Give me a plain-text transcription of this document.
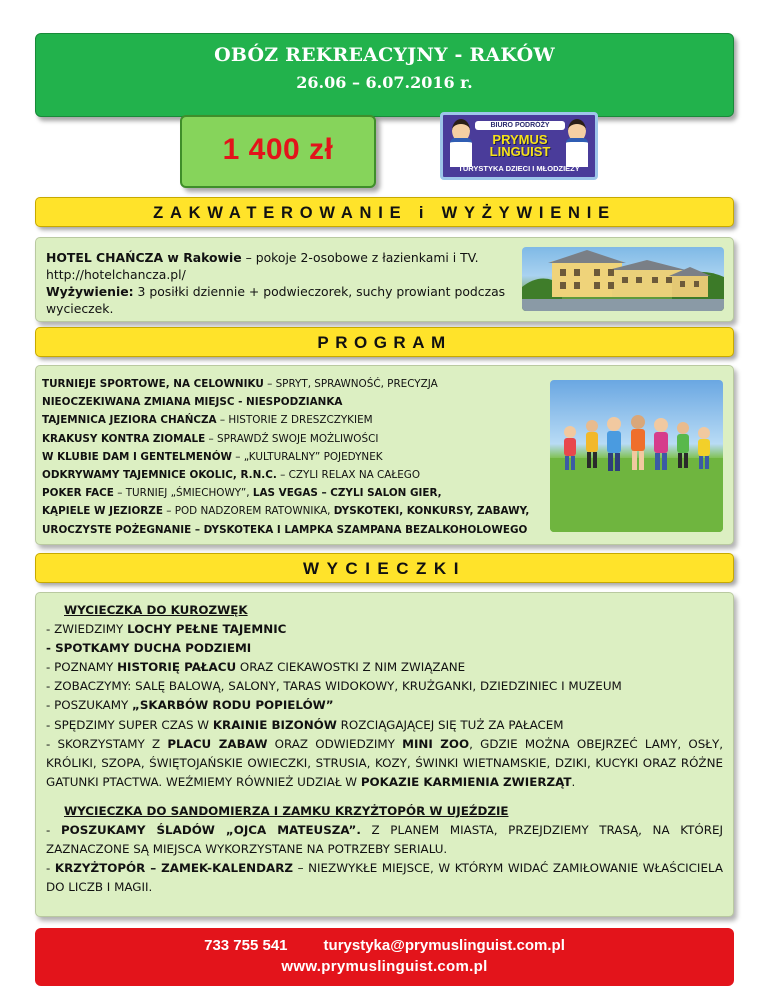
OBÓZ REKREACYJNY - RAKÓW
26.06 – 6.07.2016 r.
1 400 zł
BIURO PODRÓŻY
PRYMUS
LINGUIST
TURYSTYKA DZIECI I MŁODZIEŻY
ZAKWATEROWANIE i WYŻYWIENIE
HOTEL CHAŃCZA w Rakowie – pokoje 2-osobowe z łazienkami i TV.
http://hotelchancza.pl/
Wyżywienie: 3 posiłki dziennie + podwieczorek, suchy prowiant podczas wycieczek.
PROGRAM
TURNIEJE SPORTOWE, NA CELOWNIKU – SPRYT, SPRAWNOŚĆ, PRECYZJA
NIEOCZEKIWANA ZMIANA MIEJSC - NIESPODZIANKA
TAJEMNICA JEZIORA CHAŃCZA – HISTORIE Z DRESZCZYKIEM
KRAKUSY KONTRA ZIOMALE – SPRAWDŹ SWOJE MOŻLIWOŚCI
W KLUBIE DAM I GENTELMENÓW – „KULTURALNY” POJEDYNEK
ODKRYWAMY TAJEMNICE OKOLIC, R.N.C. – CZYLI RELAX NA CAŁEGO
POKER FACE – TURNIEJ „ŚMIECHOWY”, LAS VEGAS – CZYLI SALON GIER,
KĄPIELE W JEZIORZE – POD NADZOREM RATOWNIKA, DYSKOTEKI, KONKURSY, ZABAWY,
UROCZYSTE POŻEGNANIE – DYSKOTEKA I LAMPKA SZAMPANA BEZALKOHOLOWEGO
WYCIECZKI
WYCIECZKA DO KUROZWĘK
- ZWIEDZIMY LOCHY PEŁNE TAJEMNIC
- SPOTKAMY DUCHA PODZIEMI
- POZNAMY HISTORIĘ PAŁACU ORAZ CIEKAWOSTKI Z NIM ZWIĄZANE
- ZOBACZYMY: SALĘ BALOWĄ, SALONY, TARAS WIDOKOWY, KRUŻGANKI, DZIEDZINIEC I MUZEUM
- POSZUKAMY „SKARBÓW RODU POPIELÓW”
- SPĘDZIMY SUPER CZAS W KRAINIE BIZONÓW ROZCIĄGAJĄCEJ SIĘ TUŻ ZA PAŁACEM
- SKORZYSTAMY Z PLACU ZABAW ORAZ ODWIEDZIMY MINI ZOO, GDZIE MOŻNA OBEJRZEĆ LAMY, OSŁY, KRÓLIKI, SZOPA, ŚWIĘTOJAŃSKIE OWIECZKI, STRUSIA, KOZY, ŚWINKI WIETNAMSKIE, DZIKI, KUCYKI ORAZ RÓŻNE GATUNKI PTACTWA. WEŹMIEMY RÓWNIEŻ UDZIAŁ W POKAZIE KARMIENIA ZWIERZĄT.
WYCIECZKA DO SANDOMIERZA I ZAMKU KRZYŻTOPÓR W UJEŹDZIE
- POSZUKAMY ŚLADÓW „OJCA MATEUSZA”. Z PLANEM MIASTA, PRZEJDZIEMY TRASĄ, NA KTÓREJ ZAZNACZONE SĄ MIEJSCA WYKORZYSTANE NA POTRZEBY SERIALU.
- KRZYŻTOPÓR – ZAMEK-KALENDARZ – NIEZWYKŁE MIEJSCE, W KTÓRYM WIDAĆ ZAMIŁOWANIE WŁAŚCICIELA DO LICZB I MAGII.
733 755 541 turystyka@prymuslinguist.com.pl
www.prymuslinguist.com.pl
